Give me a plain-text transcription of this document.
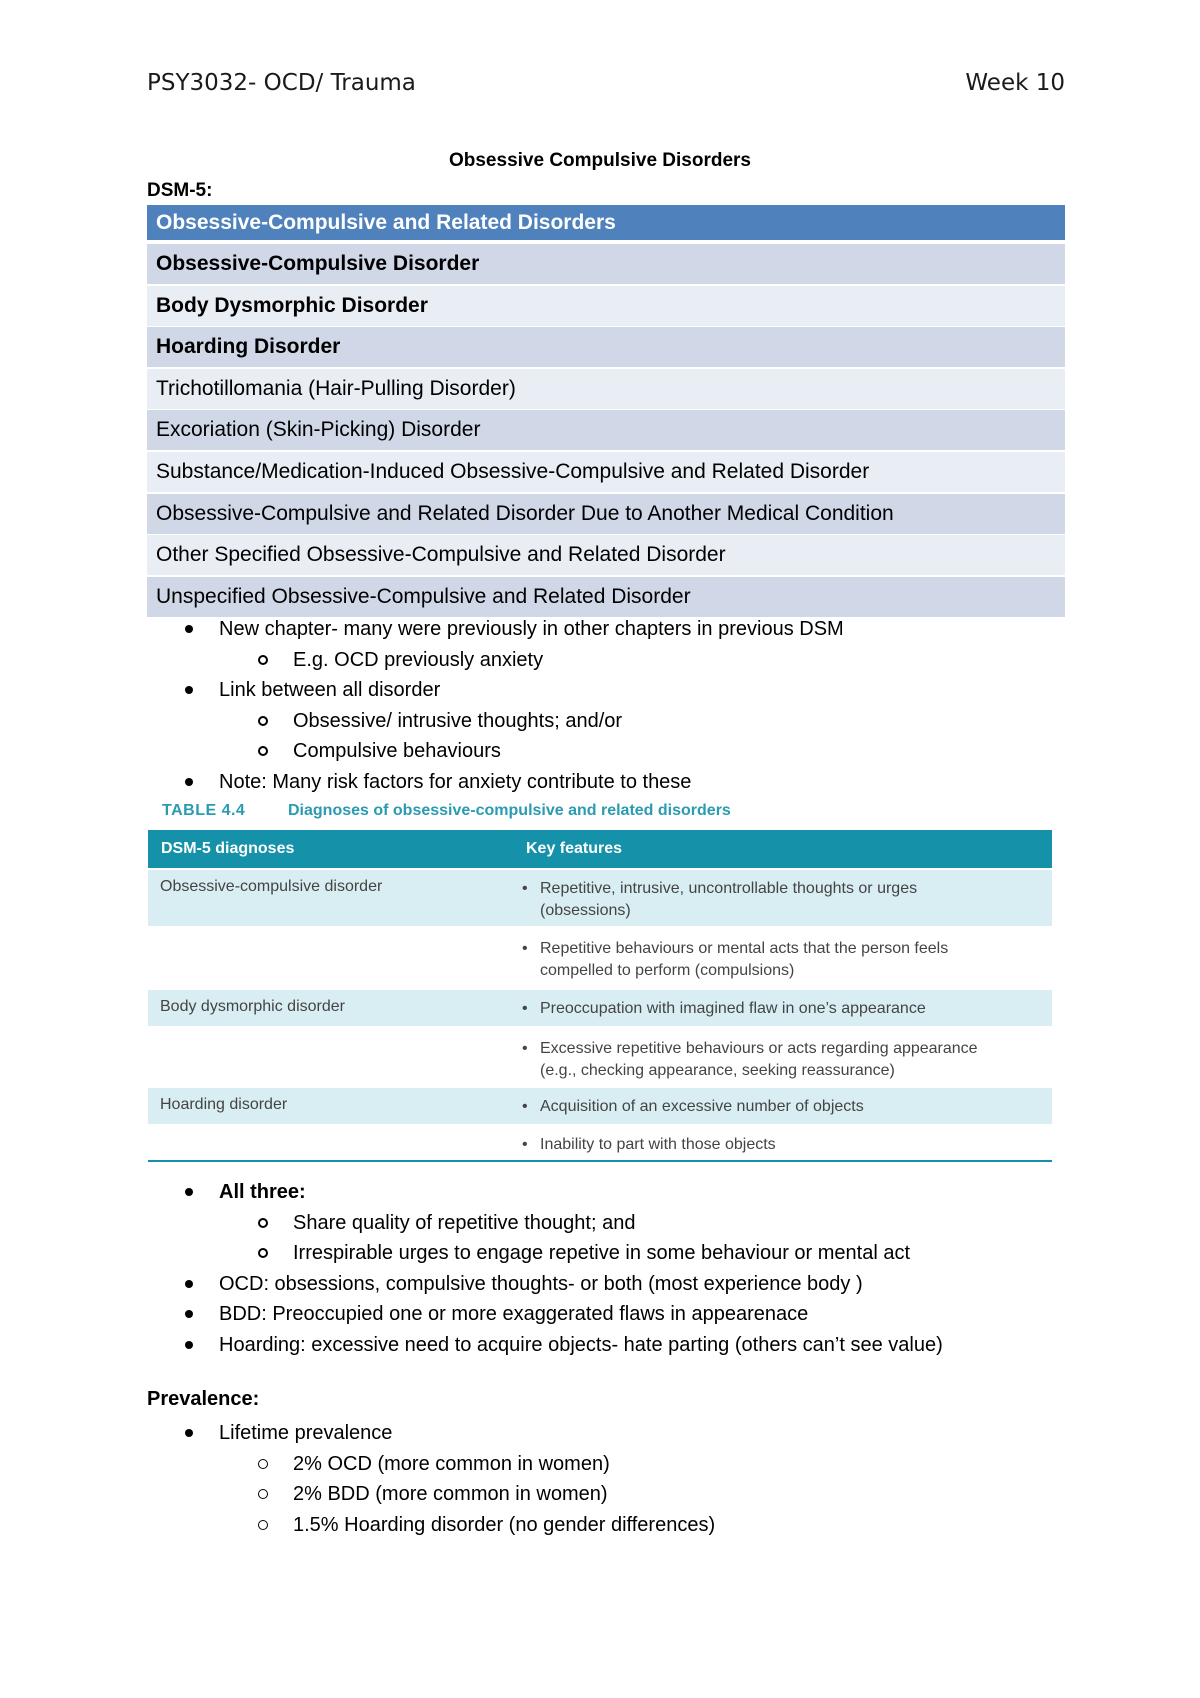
PSY3032- OCD/ Trauma	Week 10
Obsessive Compulsive Disorders
DSM-5:
Obsessive-Compulsive and Related Disorders
Obsessive-Compulsive Disorder
Body Dysmorphic Disorder
Hoarding Disorder
Trichotillomania (Hair-Pulling Disorder)
Excoriation (Skin-Picking) Disorder
Substance/Medication-Induced Obsessive-Compulsive and Related Disorder
Obsessive-Compulsive and Related Disorder Due to Another Medical Condition
Other Specified Obsessive-Compulsive and Related Disorder
Unspecified Obsessive-Compulsive and Related Disorder
New chapter- many were previously in other chapters in previous DSM
E.g. OCD previously anxiety
Link between all disorder
Obsessive/ intrusive thoughts; and/or
Compulsive behaviours
Note: Many risk factors for anxiety contribute to these
TABLE 4.4	Diagnoses of obsessive-compulsive and related disorders
DSM-5 diagnoses	Key features
Obsessive-compulsive disorder	• Repetitive, intrusive, uncontrollable thoughts or urges
(obsessions)
• Repetitive behaviours or mental acts that the person feels
compelled to perform (compulsions)
Body dysmorphic disorder	• Preoccupation with imagined flaw in one’s appearance
• Excessive repetitive behaviours or acts regarding appearance
(e.g., checking appearance, seeking reassurance)
Hoarding disorder	• Acquisition of an excessive number of objects
• Inability to part with those objects
All three:
Share quality of repetitive thought; and
Irrespirable urges to engage repetive in some behaviour or mental act
OCD: obsessions, compulsive thoughts- or both (most experience body )
BDD: Preoccupied one or more exaggerated flaws in appearenace
Hoarding: excessive need to acquire objects- hate parting (others can’t see value)
Prevalence:
Lifetime prevalence
2% OCD (more common in women)
2% BDD (more common in women)
1.5% Hoarding disorder (no gender differences)
